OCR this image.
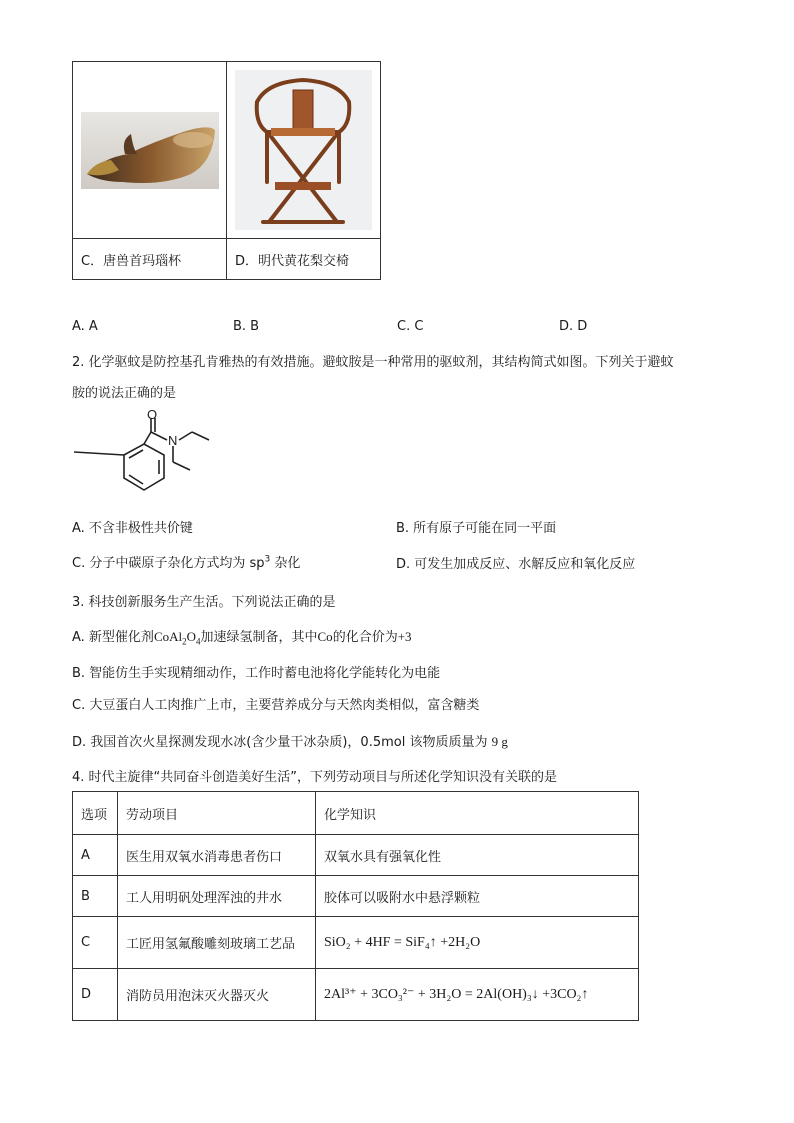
C．唐兽首玛瑙杯	D．明代黄花梨交椅
A. A	B. B	C. C	D. D
2. 化学驱蚊是防控基孔肯雅热的有效措施。避蚊胺是一种常用的驱蚊剂，其结构简式如图。下列关于避蚊
胺的说法正确的是
O
N
A. 不含非极性共价键	B. 所有原子可能在同一平面
C. 分子中碳原子杂化方式均为 $sp^3$ 杂化	D. 可发生加成反应、水解反应和氧化反应
3. 科技创新服务生产生活。下列说法正确的是
A. 新型催化剂$CoAl_2O_4$加速绿氢制备，其中Co的化合价为+3
B. 智能仿生手实现精细动作，工作时蓄电池将化学能转化为电能
C. 大豆蛋白人工肉推广上市，主要营养成分与天然肉类相似，富含糖类
D. 我国首次火星探测发现水冰(含少量干冰杂质)，0.5mol 该物质质量为 9 g
4. 时代主旋律“共同奋斗创造美好生活”，下列劳动项目与所述化学知识没有关联的是
选项	劳动项目	化学知识
A	医生用双氧水消毒患者伤口	双氧水具有强氧化性
B	工人用明矾处理浑浊的井水	胶体可以吸附水中悬浮颗粒
C	工匠用氢氟酸雕刻玻璃工艺品	SiO₂ + 4HF = SiF₄↑ +2H₂O
D	消防员用泡沫灭火器灭火	2Al³⁺ + 3CO₃²⁻ + 3H₂O = 2Al(OH)₃↓ +3CO₂↑
